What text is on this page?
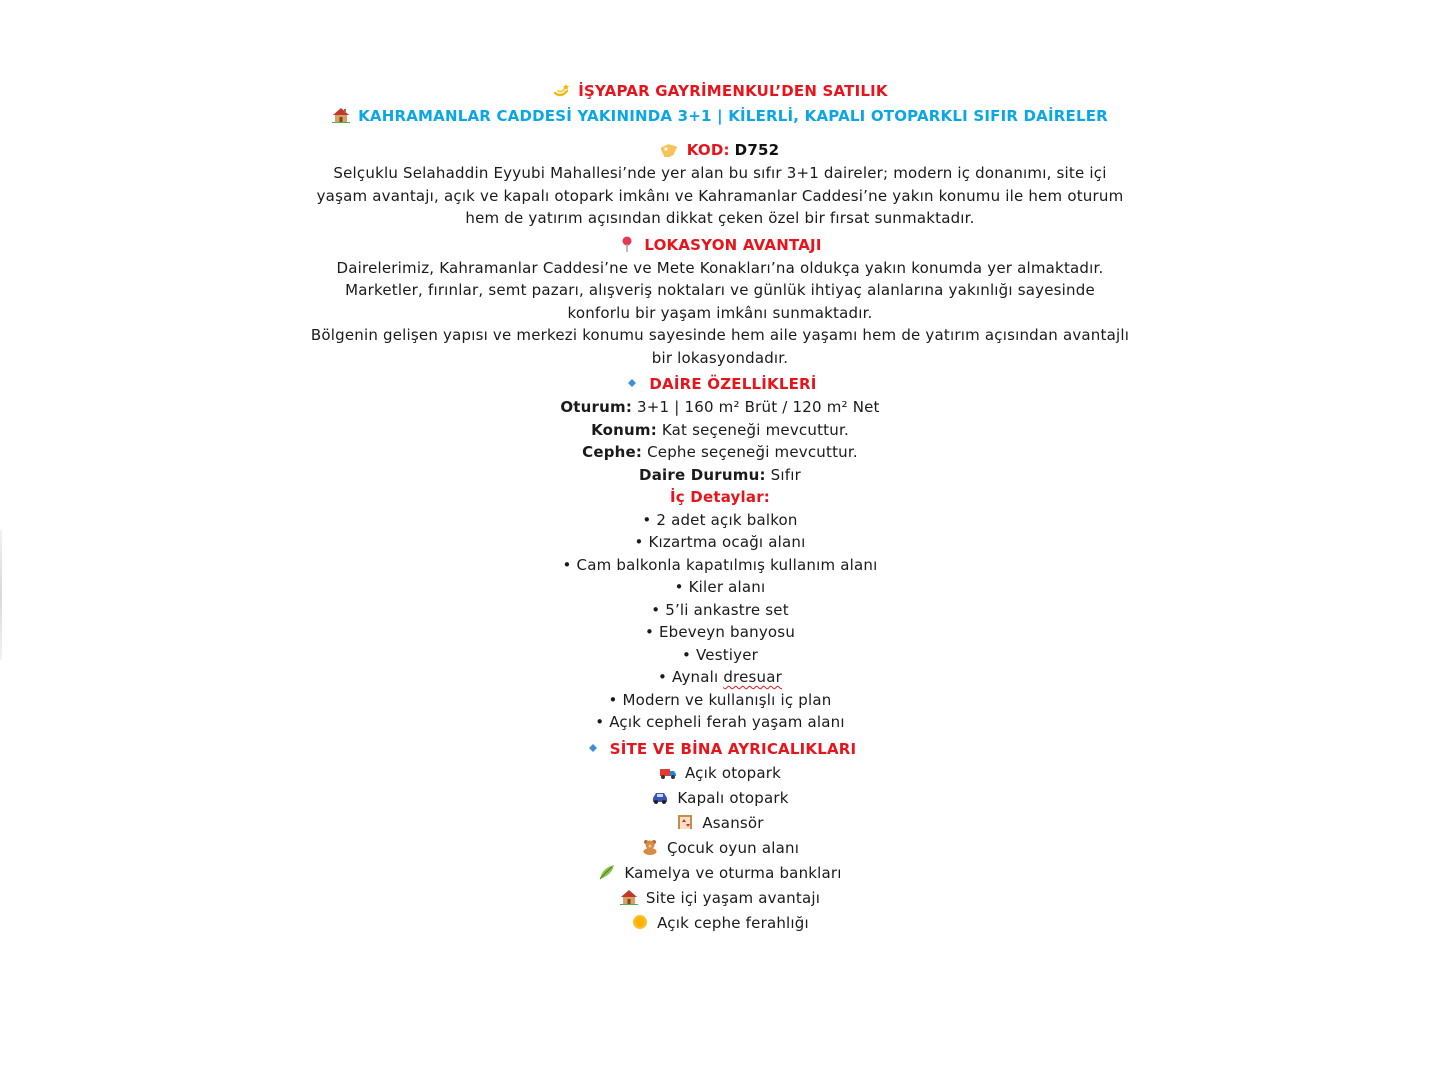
İŞYAPAR GAYRİMENKUL’DEN SATILIK
KAHRAMANLAR CADDESİ YAKININDA 3+1 | KİLERLİ, KAPALI OTOPARKLI SIFIR DAİRELER
KOD: D752

Selçuklu Selahaddin Eyyubi Mahallesi’nde yer alan bu sıfır 3+1 daireler; modern iç donanımı, site içi yaşam avantajı, açık ve kapalı otopark imkânı ve Kahramanlar Caddesi’ne yakın konumu ile hem oturum hem de yatırım açısından dikkat çeken özel bir fırsat sunmaktadır.

LOKASYON AVANTAJI

Dairelerimiz, Kahramanlar Caddesi’ne ve Mete Konakları’na oldukça yakın konumda yer almaktadır.

Marketler, fırınlar, semt pazarı, alışveriş noktaları ve günlük ihtiyaç alanlarına yakınlığı sayesinde konforlu bir yaşam imkânı sunmaktadır.

Bölgenin gelişen yapısı ve merkezi konumu sayesinde hem aile yaşamı hem de yatırım açısından avantajlı bir lokasyondadır.

DAİRE ÖZELLİKLERİ
Oturum: 3+1 | 160 m² Brüt / 120 m² Net
Konum: Kat seçeneği mevcuttur.
Cephe: Cephe seçeneği mevcuttur.
Daire Durumu: Sıfır
İç Detaylar:
• 2 adet açık balkon
• Kızartma ocağı alanı
• Cam balkonla kapatılmış kullanım alanı
• Kiler alanı
• 5’li ankastre set
• Ebeveyn banyosu
• Vestiyer
• Aynalı dresuar
• Modern ve kullanışlı iç plan
• Açık cepheli ferah yaşam alanı
SİTE VE BİNA AYRICALIKLARI
Açık otopark
Kapalı otopark
Asansör
Çocuk oyun alanı
Kamelya ve oturma bankları
Site içi yaşam avantajı
Açık cephe ferahlığı
